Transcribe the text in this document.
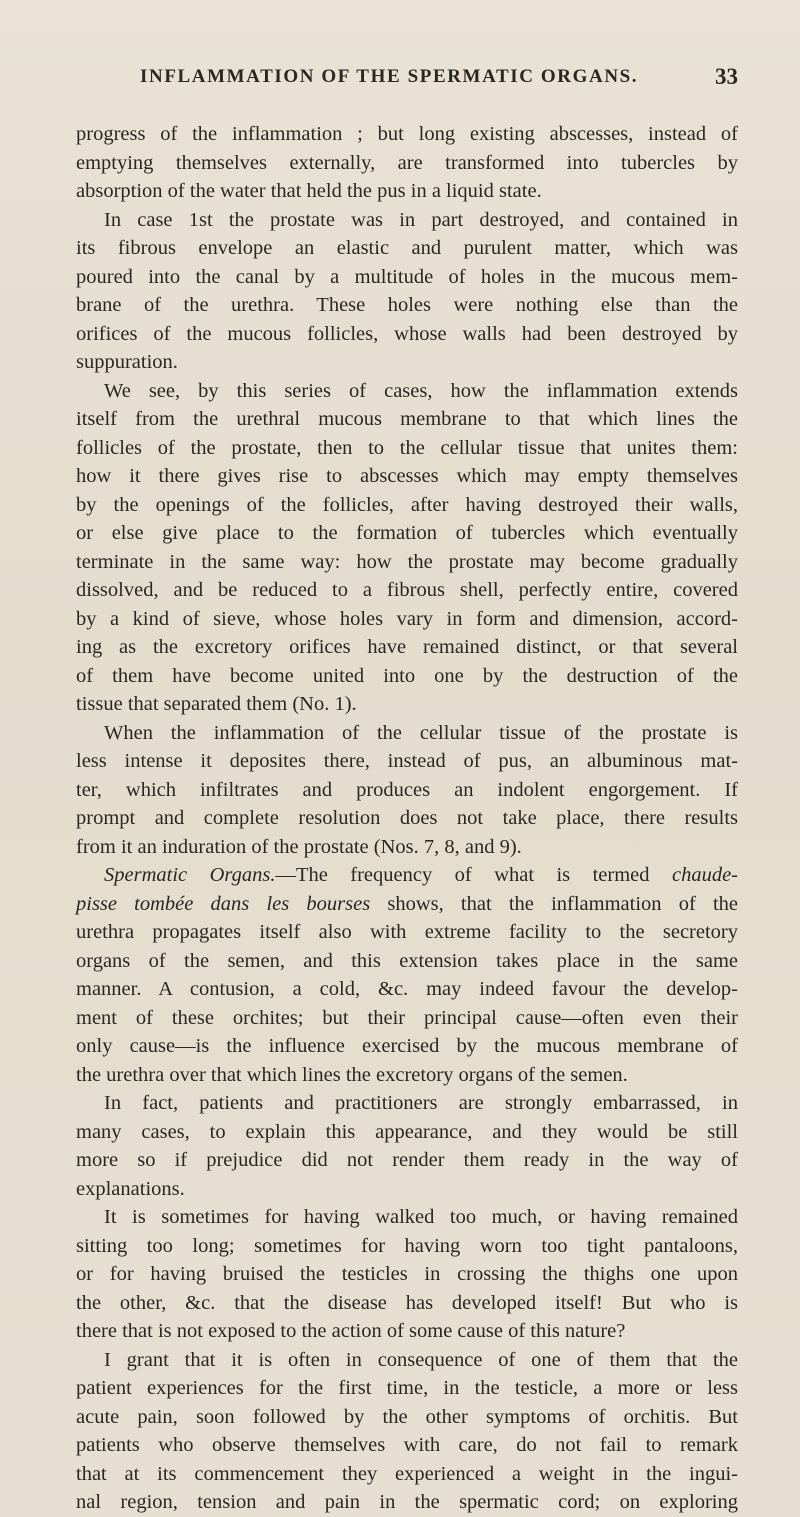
INFLAMMATION OF THE SPERMATIC ORGANS.	33
progress of the inflammation ; but long existing abscesses, instead of
emptying themselves externally, are transformed into tubercles by
absorption of the water that held the pus in a liquid state.
In case 1st the prostate was in part destroyed, and contained in
its fibrous envelope an elastic and purulent matter, which was
poured into the canal by a multitude of holes in the mucous mem-
brane of the urethra. These holes were nothing else than the
orifices of the mucous follicles, whose walls had been destroyed by
suppuration.
We see, by this series of cases, how the inflammation extends
itself from the urethral mucous membrane to that which lines the
follicles of the prostate, then to the cellular tissue that unites them:
how it there gives rise to abscesses which may empty themselves
by the openings of the follicles, after having destroyed their walls,
or else give place to the formation of tubercles which eventually
terminate in the same way: how the prostate may become gradually
dissolved, and be reduced to a fibrous shell, perfectly entire, covered
by a kind of sieve, whose holes vary in form and dimension, accord-
ing as the excretory orifices have remained distinct, or that several
of them have become united into one by the destruction of the
tissue that separated them (No. 1).
When the inflammation of the cellular tissue of the prostate is
less intense it deposites there, instead of pus, an albuminous mat-
ter, which infiltrates and produces an indolent engorgement. If
prompt and complete resolution does not take place, there results
from it an induration of the prostate (Nos. 7, 8, and 9).
Spermatic Organs.—The frequency of what is termed chaude-
pisse tombée dans les bourses shows, that the inflammation of the
urethra propagates itself also with extreme facility to the secretory
organs of the semen, and this extension takes place in the same
manner. A contusion, a cold, &c. may indeed favour the develop-
ment of these orchites; but their principal cause—often even their
only cause—is the influence exercised by the mucous membrane of
the urethra over that which lines the excretory organs of the semen.
In fact, patients and practitioners are strongly embarrassed, in
many cases, to explain this appearance, and they would be still
more so if prejudice did not render them ready in the way of
explanations.
It is sometimes for having walked too much, or having remained
sitting too long; sometimes for having worn too tight pantaloons,
or for having bruised the testicles in crossing the thighs one upon
the other, &c. that the disease has developed itself! But who is
there that is not exposed to the action of some cause of this nature?
I grant that it is often in consequence of one of them that the
patient experiences for the first time, in the testicle, a more or less
acute pain, soon followed by the other symptoms of orchitis. But
patients who observe themselves with care, do not fail to remark
that at its commencement they experienced a weight in the ingui-
nal region, tension and pain in the spermatic cord; on exploring
